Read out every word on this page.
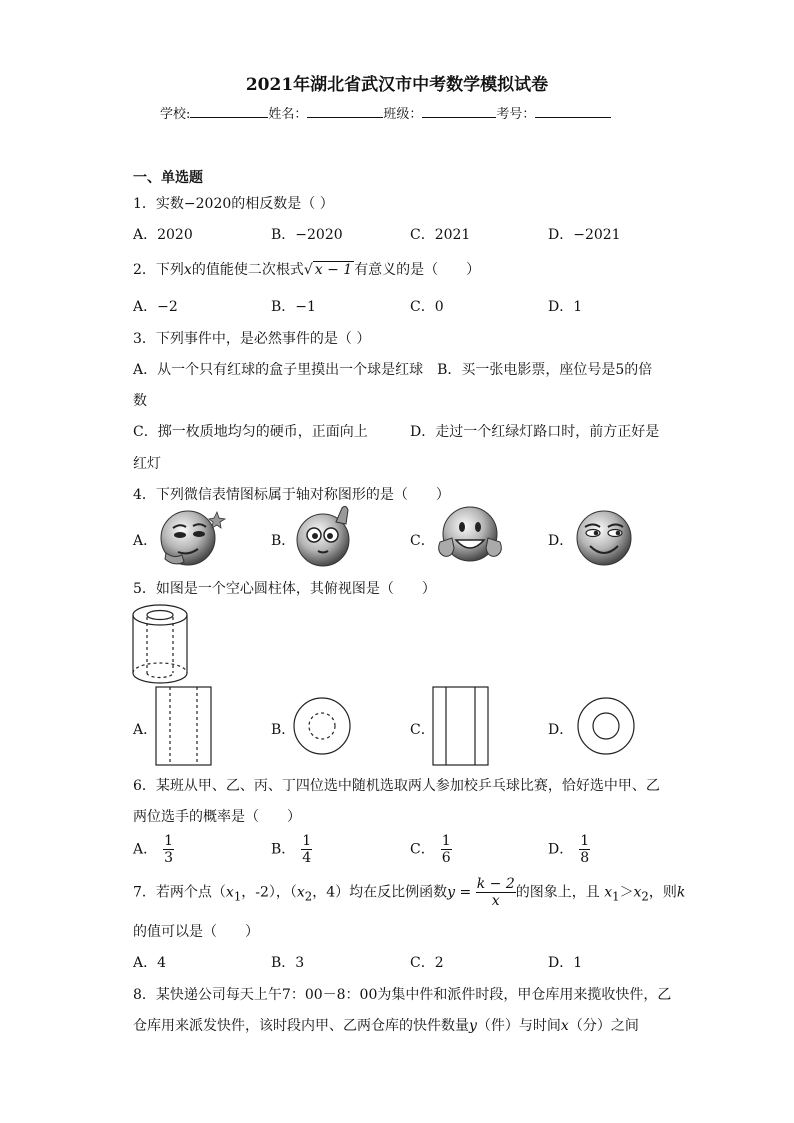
2021年湖北省武汉市中考数学模拟试卷
学校:	姓名：	班级：	考号：
一、单选题
1．实数−2020的相反数是（ ）
A．2020	B．−2020	C．2021	D．−2021
2．下列x的值能使二次根式√ x − 1 有意义的是（　　）
A．−2	B．−1	C．0	D．1
3．下列事件中，是必然事件的是（ ）
A．从一个只有红球的盒子里摸出一个球是红球　B．买一张电影票，座位号是5的倍
数
C．掷一枚质地均匀的硬币，正面向上	D．走过一个红绿灯路口时，前方正好是
红灯
4．下列微信表情图标属于轴对称图形的是（　　）
A．	B．	C．	D．
5．如图是一个空心圆柱体，其俯视图是（　　）
A．	B．	C．	D．
6．某班从甲、乙、丙、丁四位选中随机选取两人参加校乒乓球比赛，恰好选中甲、乙
两位选手的概率是（　　）
A． $\frac{1}{3}$	B． $\frac{1}{4}$	C． $\frac{1}{6}$	D． $\frac{1}{8}$
7．若两个点（$x_1$，-2），（$x_2$，4）均在反比例函数$y = \frac{k - 2}{x}$ 的图象上，且 $x_1>x_2$，则k
的值可以是（　　）
A．4	B．3	C．2	D．1
8．某快递公司每天上午7：00－8：00为集中件和派件时段，甲仓库用来揽收快件，乙
仓库用来派发快件，该时段内甲、乙两仓库的快件数量y（件）与时间x（分）之间
